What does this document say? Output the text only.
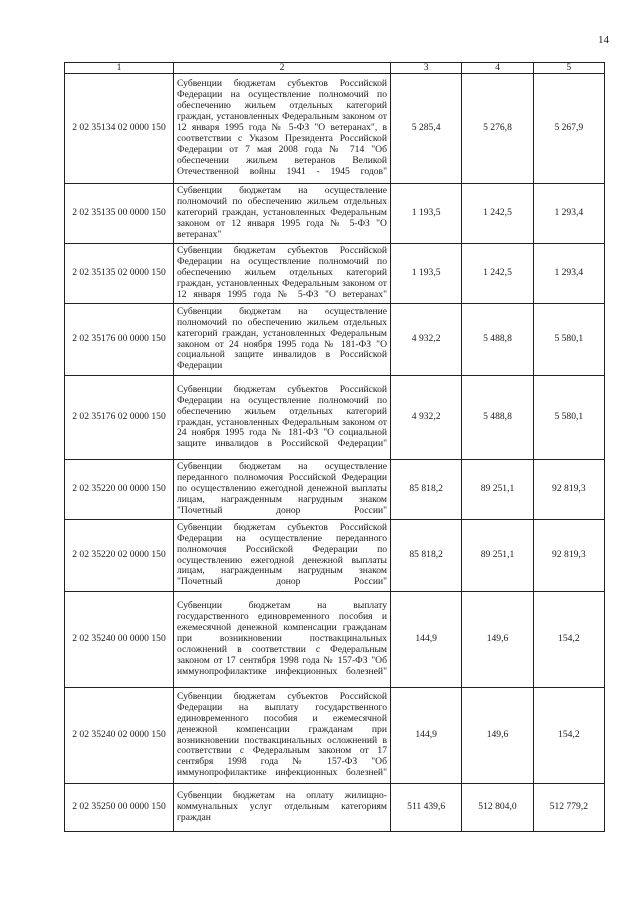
14
1	2	3	4	5
2 02 35134 02 0000 150	Субвенции бюджетам субъектов Российской Федерации на осуществление полномочий по обеспечению жильем отдельных категорий граждан, установленных Федеральным законом от 12 января 1995 года № 5-ФЗ "О ветеранах", в соответствии с Указом Президента Российской Федерации от 7 мая 2008 года № 714 "Об обеспечении жильем ветеранов Великой Отечественной войны 1941 - 1945 годов"	5 285,4	5 276,8	5 267,9
2 02 35135 00 0000 150	Субвенции бюджетам на осуществление полномочий по обеспечению жильем отдельных категорий граждан, установленных Федеральным законом от 12 января 1995 года № 5-ФЗ "О ветеранах"	1 193,5	1 242,5	1 293,4
2 02 35135 02 0000 150	Субвенции бюджетам субъектов Российской Федерации на осуществление полномочий по обеспечению жильем отдельных категорий граждан, установленных Федеральным законом от 12 января 1995 года № 5-ФЗ "О ветеранах"	1 193,5	1 242,5	1 293,4
2 02 35176 00 0000 150	Субвенции бюджетам на осуществление полномочий по обеспечению жильем отдельных категорий граждан, установленных Федеральным законом от 24 ноября 1995 года № 181-ФЗ "О социальной защите инвалидов в Российской Федерации	4 932,2	5 488,8	5 580,1
2 02 35176 02 0000 150	Субвенции бюджетам субъектов Российской Федерации на осуществление полномочий по обеспечению жильем отдельных категорий граждан, установленных Федеральным законом от 24 ноября 1995 года № 181-ФЗ "О социальной защите инвалидов в Российской Федерации"	4 932,2	5 488,8	5 580,1
2 02 35220 00 0000 150	Субвенции бюджетам на осуществление переданного полномочия Российской Федерации по осуществлению ежегодной денежной выплаты лицам, награжденным нагрудным знаком "Почетный донор России"	85 818,2	89 251,1	92 819,3
2 02 35220 02 0000 150	Субвенции бюджетам субъектов Российской Федерации на осуществление переданного полномочия Российской Федерации по осуществлению ежегодной денежной выплаты лицам, награжденным нагрудным знаком "Почетный донор России"	85 818,2	89 251,1	92 819,3
2 02 35240 00 0000 150	Субвенции бюджетам на выплату государственного единовременного пособия и ежемесячной денежной компенсации гражданам при возникновении поствакцинальных осложнений в соответствии с Федеральным законом от 17 сентября 1998 года № 157-ФЗ "Об иммунопрофилактике инфекционных болезней"	144,9	149,6	154,2
2 02 35240 02 0000 150	Субвенции бюджетам субъектов Российской Федерации на выплату государственного единовременного пособия и ежемесячной денежной компенсации гражданам при возникновении поствакцинальных осложнений в соответствии с Федеральным законом от 17 сентября 1998 года № 157-ФЗ "Об иммунопрофилактике инфекционных болезней"	144,9	149,6	154,2
2 02 35250 00 0000 150	Субвенции бюджетам на оплату жилищно-коммунальных услуг отдельным категориям граждан	511 439,6	512 804,0	512 779,2
